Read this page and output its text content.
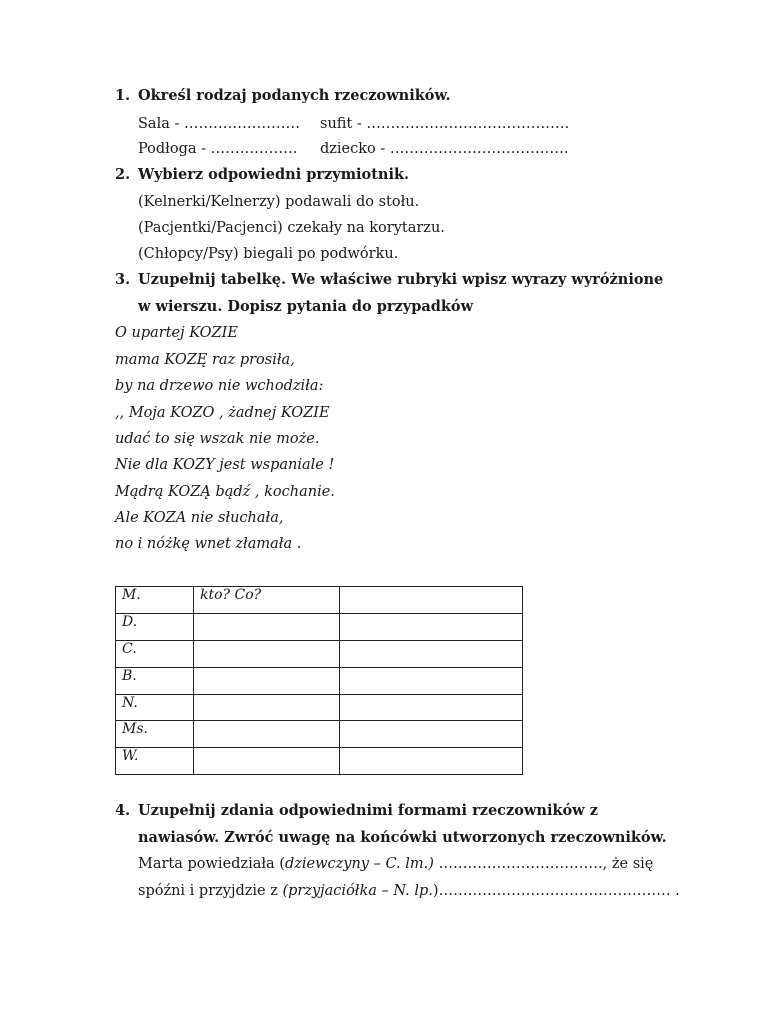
1. Określ rodzaj podanych rzeczowników.
Sala - …………………… sufit - ……………………………………
Podłoga - ……………… dziecko - ……………………………….
2. Wybierz odpowiedni przymiotnik.
(Kelnerki/Kelnerzy) podawali do stołu.
(Pacjentki/Pacjenci) czekały na korytarzu.
(Chłopcy/Psy) biegali po podwórku.
3. Uzupełnij tabelkę. We właściwe rubryki wpisz wyrazy wyróżnione
w wierszu. Dopisz pytania do przypadków
O upartej KOZIE
mama KOZĘ raz prosiła,
by na drzewo nie wchodziła:
,, Moja KOZO , żadnej KOZIE
udać to się wszak nie może.
Nie dla KOZY jest wspaniale !
Mądrą KOZĄ bądź , kochanie.
Ale KOZA nie słuchała,
no i nóżkę wnet złamała .
M.	kto? Co?	
D.		
C.		
B.		
N.		
Ms.		
W.		
4. Uzupełnij zdania odpowiednimi formami rzeczowników z
nawiasów. Zwróć uwagę na końcówki utworzonych rzeczowników.
Marta powiedziała (dziewczyny – C. lm.) ……………………………., że się
spóźni i przyjdzie z (przyjaciółka – N. lp.)………………………………………… .
